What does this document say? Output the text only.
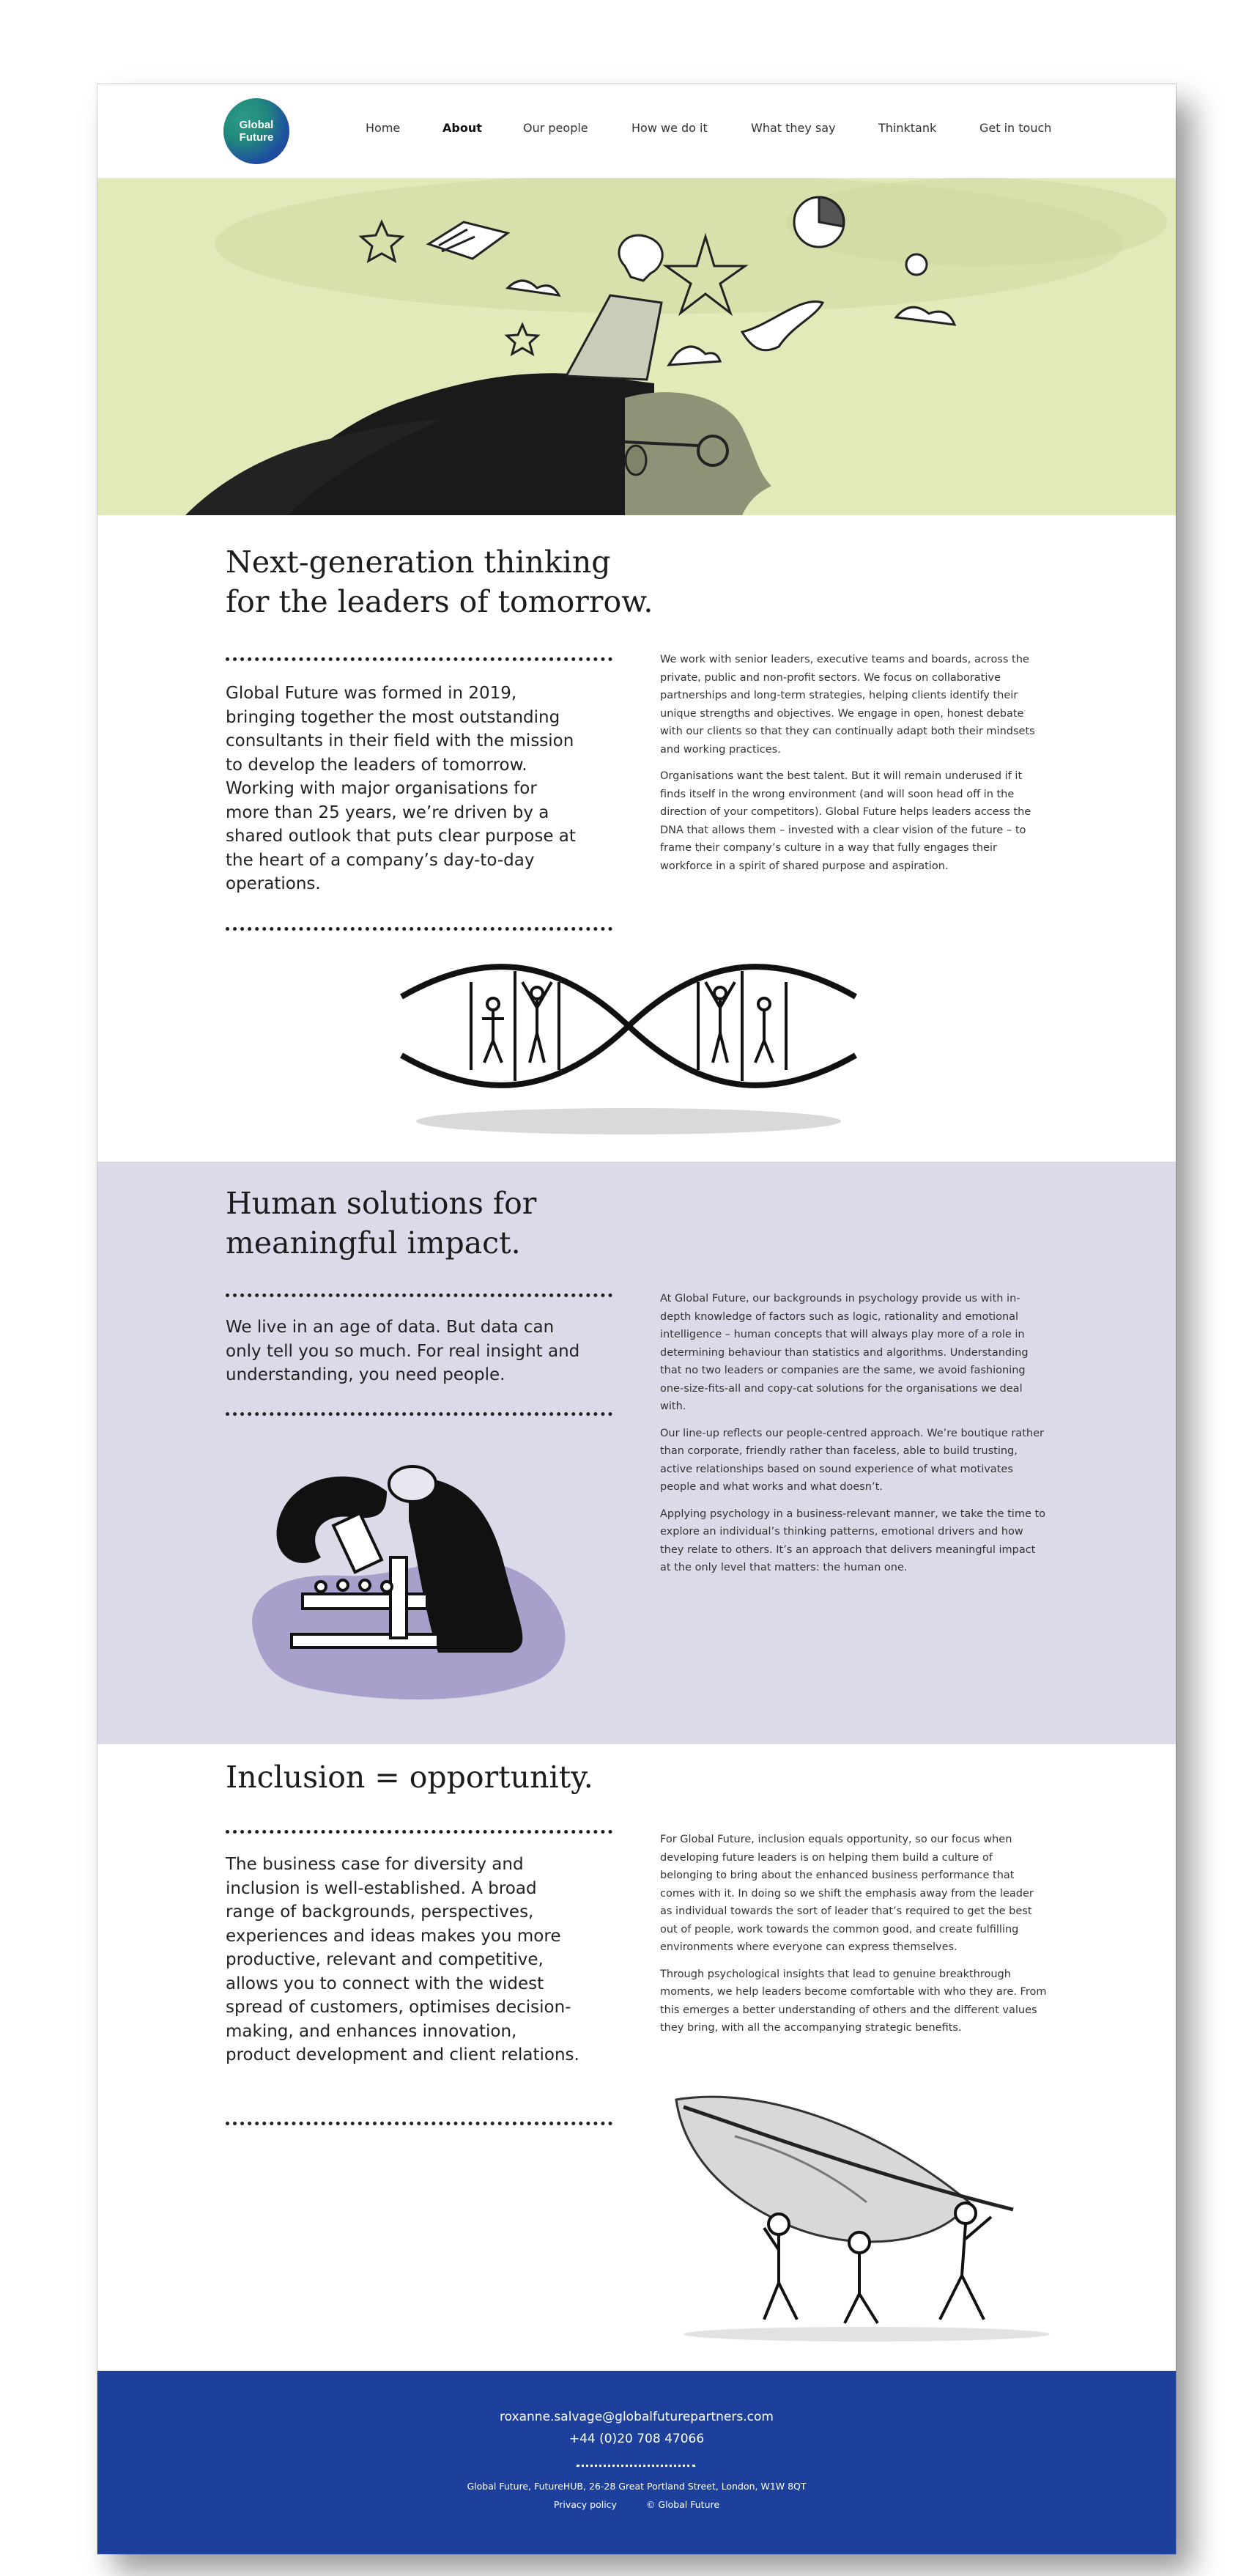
Global
Future
Home	About	Our people	How we do it	What they say	Thinktank	Get in touch
Next-generation thinking
for the leaders of tomorrow.

Global Future was formed in 2019, bringing together the most outstanding consultants in their field with the mission to develop the leaders of tomorrow. Working with major organisations for more than 25 years, we’re driven by a shared outlook that puts clear purpose at the heart of a company’s day-to-day operations.

We work with senior leaders, executive teams and boards, across the private, public and non-profit sectors. We focus on collaborative partnerships and long-term strategies, helping clients identify their unique strengths and objectives. We engage in open, honest debate with our clients so that they can continually adapt both their mindsets and working practices.

Organisations want the best talent. But it will remain underused if it finds itself in the wrong environment (and will soon head off in the direction of your competitors). Global Future helps leaders access the DNA that allows them – invested with a clear vision of the future – to frame their company’s culture in a way that fully engages their workforce in a spirit of shared purpose and aspiration.

Human solutions for
meaningful impact.

We live in an age of data. But data can only tell you so much. For real insight and understanding, you need people.

At Global Future, our backgrounds in psychology provide us with in-depth knowledge of factors such as logic, rationality and emotional intelligence – human concepts that will always play more of a role in determining behaviour than statistics and algorithms. Understanding that no two leaders or companies are the same, we avoid fashioning one-size-fits-all and copy-cat solutions for the organisations we deal with.

Our line-up reflects our people-centred approach. We’re boutique rather than corporate, friendly rather than faceless, able to build trusting, active relationships based on sound experience of what motivates people and what works and what doesn’t.

Applying psychology in a business-relevant manner, we take the time to explore an individual’s thinking patterns, emotional drivers and how they relate to others. It’s an approach that delivers meaningful impact at the only level that matters: the human one.

Inclusion = opportunity.

The business case for diversity and inclusion is well-established. A broad range of backgrounds, perspectives, experiences and ideas makes you more productive, relevant and competitive, allows you to connect with the widest spread of customers, optimises decision-making, and enhances innovation, product development and client relations.

For Global Future, inclusion equals opportunity, so our focus when developing future leaders is on helping them build a culture of belonging to bring about the enhanced business performance that comes with it. In doing so we shift the emphasis away from the leader as individual towards the sort of leader that’s required to get the best out of people, work towards the common good, and create fulfilling environments where everyone can express themselves.

Through psychological insights that lead to genuine breakthrough moments, we help leaders become comfortable with who they are. From this emerges a better understanding of others and the different values they bring, with all the accompanying strategic benefits.

roxanne.salvage@globalfuturepartners.com
+44 (0)20 708 47066
Global Future, FutureHUB, 26-28 Great Portland Street, London, W1W 8QT
Privacy policy	© Global Future
